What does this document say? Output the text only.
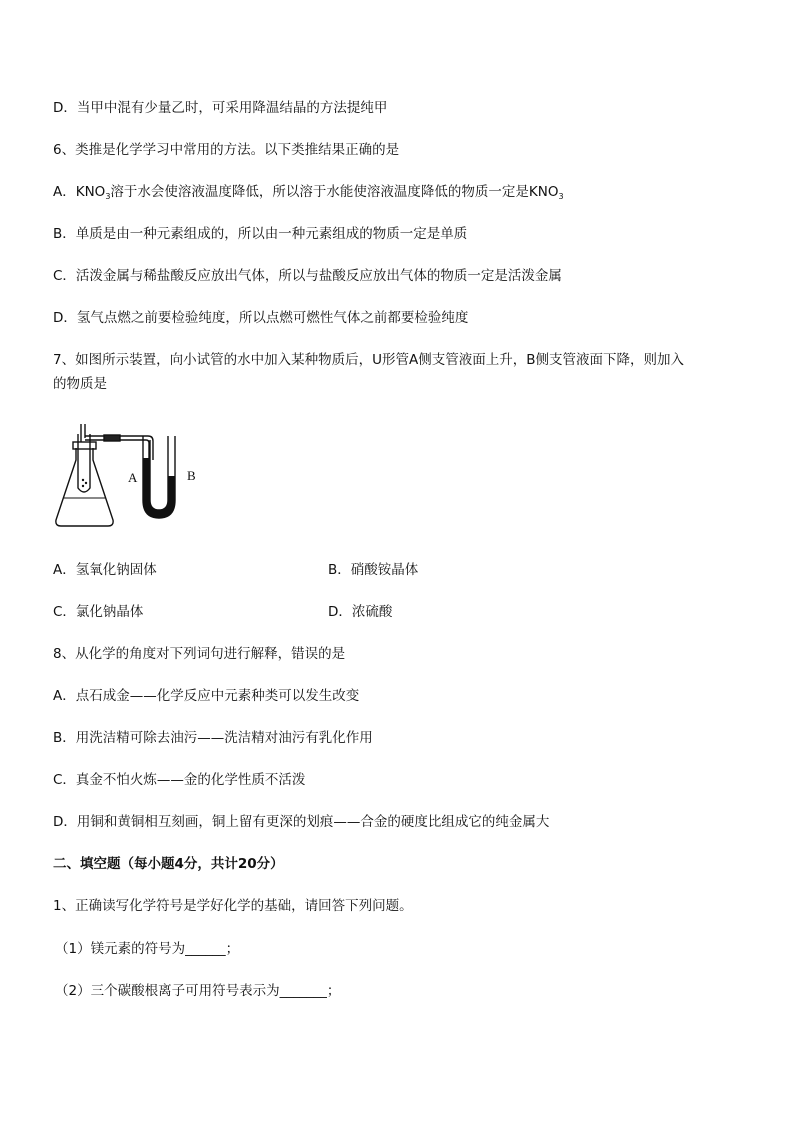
D．当甲中混有少量乙时，可采用降温结晶的方法提纯甲
6、类推是化学学习中常用的方法。以下类推结果正确的是
A．$KNO_3$溶于水会使溶液温度降低，所以溶于水能使溶液温度降低的物质一定是$KNO_3$
B．单质是由一种元素组成的，所以由一种元素组成的物质一定是单质
C．活泼金属与稀盐酸反应放出气体，所以与盐酸反应放出气体的物质一定是活泼金属
D．氢气点燃之前要检验纯度，所以点燃可燃性气体之前都要检验纯度
7、如图所示装置，向小试管的水中加入某种物质后，U形管A侧支管液面上升，B侧支管液面下降，则加入
的物质是
A	B
A．氢氧化钠固体	B．硝酸铵晶体
C．氯化钠晶体	D．浓硫酸
8、从化学的角度对下列词句进行解释，错误的是
A．点石成金——化学反应中元素种类可以发生改变
B．用洗洁精可除去油污——洗洁精对油污有乳化作用
C．真金不怕火炼——金的化学性质不活泼
D．用铜和黄铜相互刻画，铜上留有更深的划痕——合金的硬度比组成它的纯金属大
二、填空题（每小题4分，共计20分）
1、正确读写化学符号是学好化学的基础，请回答下列问题。
（1）镁元素的符号为______；
（2）三个碳酸根离子可用符号表示为_______；
